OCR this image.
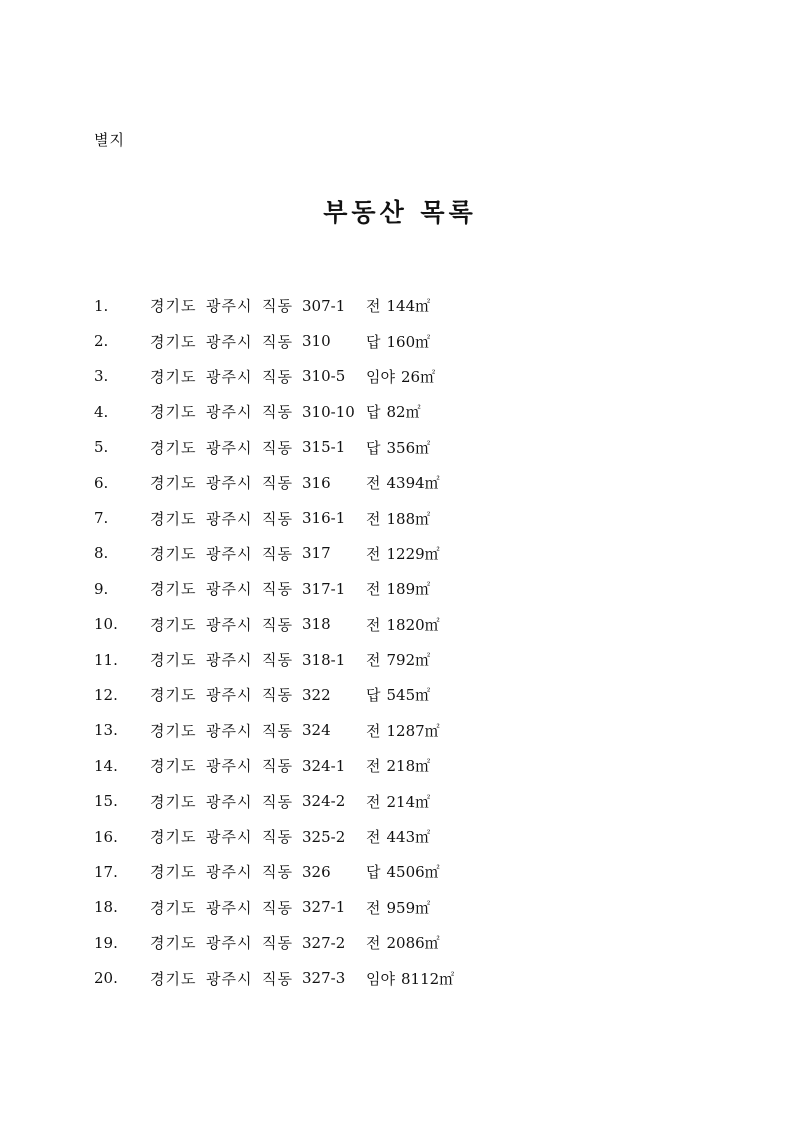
별지
부동산 목록
1.	경기도 광주시 직동 307-1	전 144㎡
2.	경기도 광주시 직동 310	답 160㎡
3.	경기도 광주시 직동 310-5	임야 26㎡
4.	경기도 광주시 직동 310-10 답 82㎡
5.	경기도 광주시 직동 315-1	답 356㎡
6.	경기도 광주시 직동 316	전 4394㎡
7.	경기도 광주시 직동 316-1	전 188㎡
8.	경기도 광주시 직동 317	전 1229㎡
9.	경기도 광주시 직동 317-1	전 189㎡
10.	경기도 광주시 직동 318	전 1820㎡
11.	경기도 광주시 직동 318-1	전 792㎡
12.	경기도 광주시 직동 322	답 545㎡
13.	경기도 광주시 직동 324	전 1287㎡
14.	경기도 광주시 직동 324-1	전 218㎡
15.	경기도 광주시 직동 324-2	전 214㎡
16.	경기도 광주시 직동 325-2	전 443㎡
17.	경기도 광주시 직동 326	답 4506㎡
18.	경기도 광주시 직동 327-1	전 959㎡
19.	경기도 광주시 직동 327-2	전 2086㎡
20.	경기도 광주시 직동 327-3	임야 8112㎡
